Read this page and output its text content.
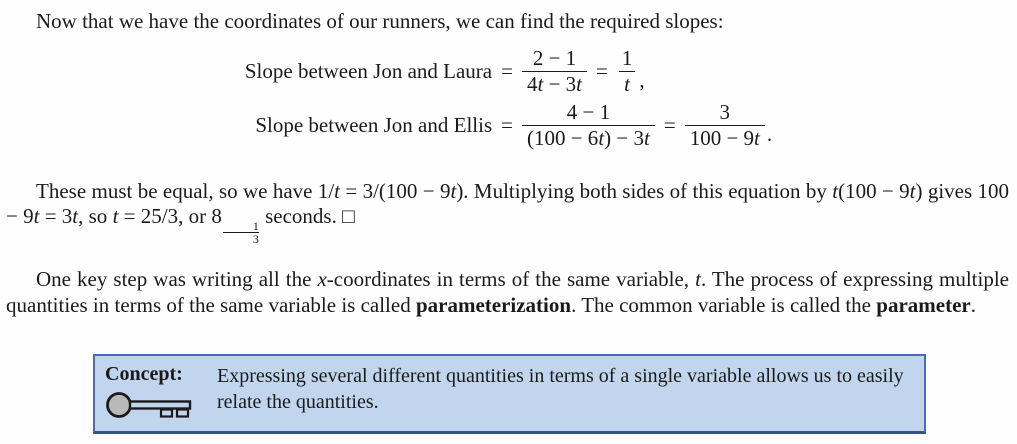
Now that we have the coordinates of our runners, we can find the required slopes:

Slope between Jon and Laura = $\frac{2 - 1}{4t - 3t} = \frac{1}{t}$ ,
Slope between Jon and Ellis = $\frac{4 - 1}{(100 - 6t) - 3t} = \frac{3}{100 - 9t}$ .

These must be equal, so we have 1/t = 3/(100 − 9t). Multiplying both sides of this equation by t(100 − 9t) gives 100 − 9t = 3t, so t = 25/3, or 8
$\frac{1}{3}$
seconds. □

One key step was writing all the x-coordinates in terms of the same variable, t. The process of expressing multiple quantities in terms of the same variable is called parameterization. The common variable is called the parameter.

Concept:	Expressing several different quantities in terms of a single variable allows us to easily relate the quantities.
